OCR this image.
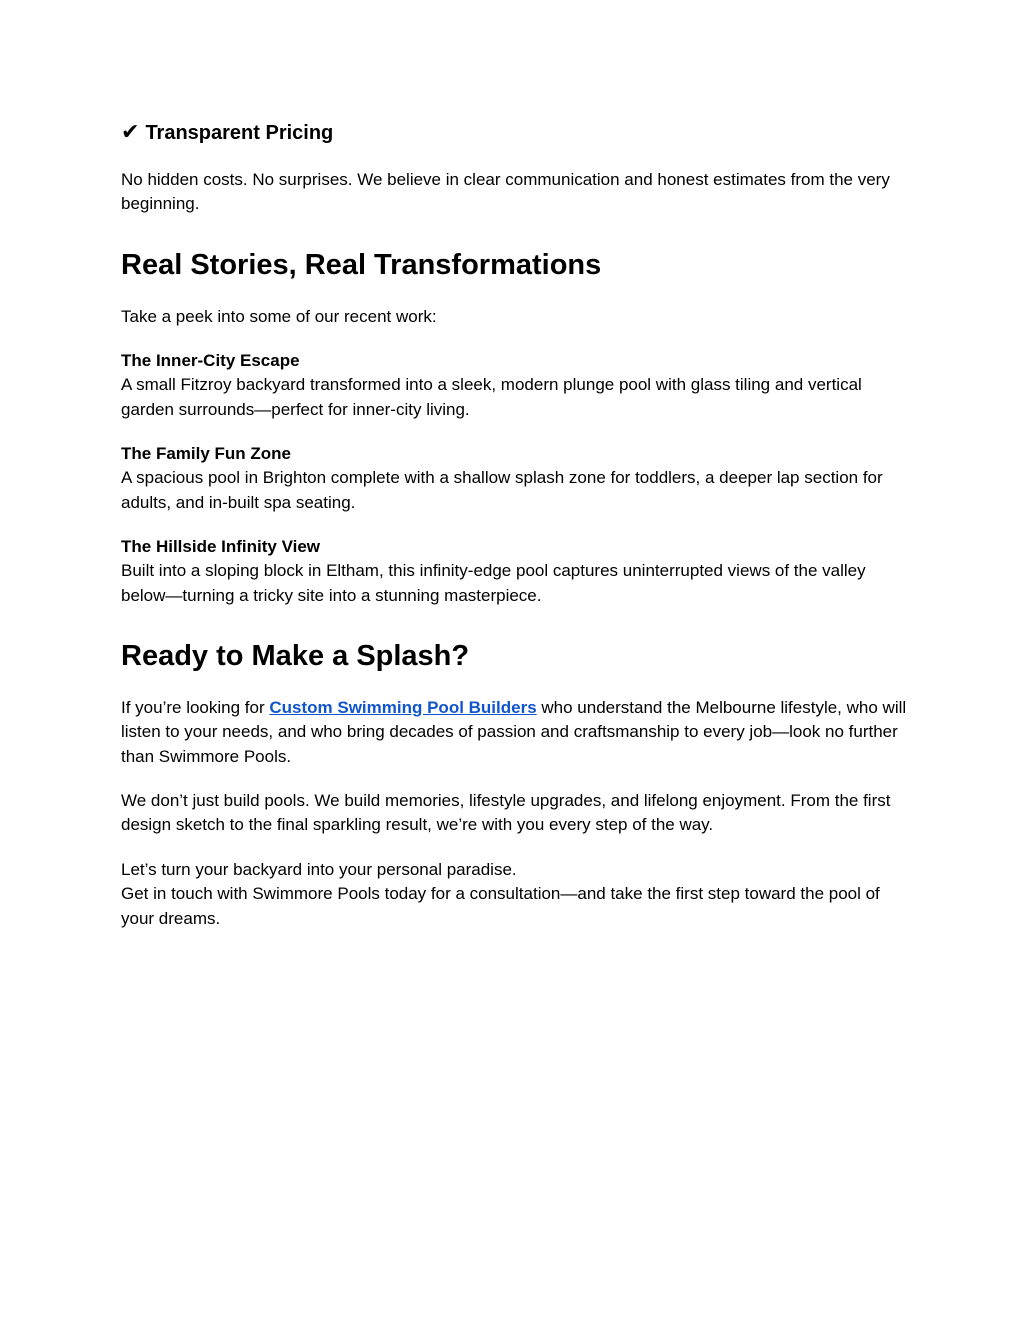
✔ Transparent Pricing

No hidden costs. No surprises. We believe in clear communication and honest estimates from the very beginning.

Real Stories, Real Transformations

Take a peek into some of our recent work:

The Inner-City Escape
A small Fitzroy backyard transformed into a sleek, modern plunge pool with glass tiling and vertical garden surrounds—perfect for inner-city living.

The Family Fun Zone
A spacious pool in Brighton complete with a shallow splash zone for toddlers, a deeper lap section for adults, and in-built spa seating.

The Hillside Infinity View
Built into a sloping block in Eltham, this infinity-edge pool captures uninterrupted views of the valley below—turning a tricky site into a stunning masterpiece.

Ready to Make a Splash?

If you’re looking for Custom Swimming Pool Builders who understand the Melbourne lifestyle, who will listen to your needs, and who bring decades of passion and craftsmanship to every job—look no further than Swimmore Pools.

We don’t just build pools. We build memories, lifestyle upgrades, and lifelong enjoyment. From the first design sketch to the final sparkling result, we’re with you every step of the way.

Let’s turn your backyard into your personal paradise.
Get in touch with Swimmore Pools today for a consultation—and take the first step toward the pool of your dreams.
